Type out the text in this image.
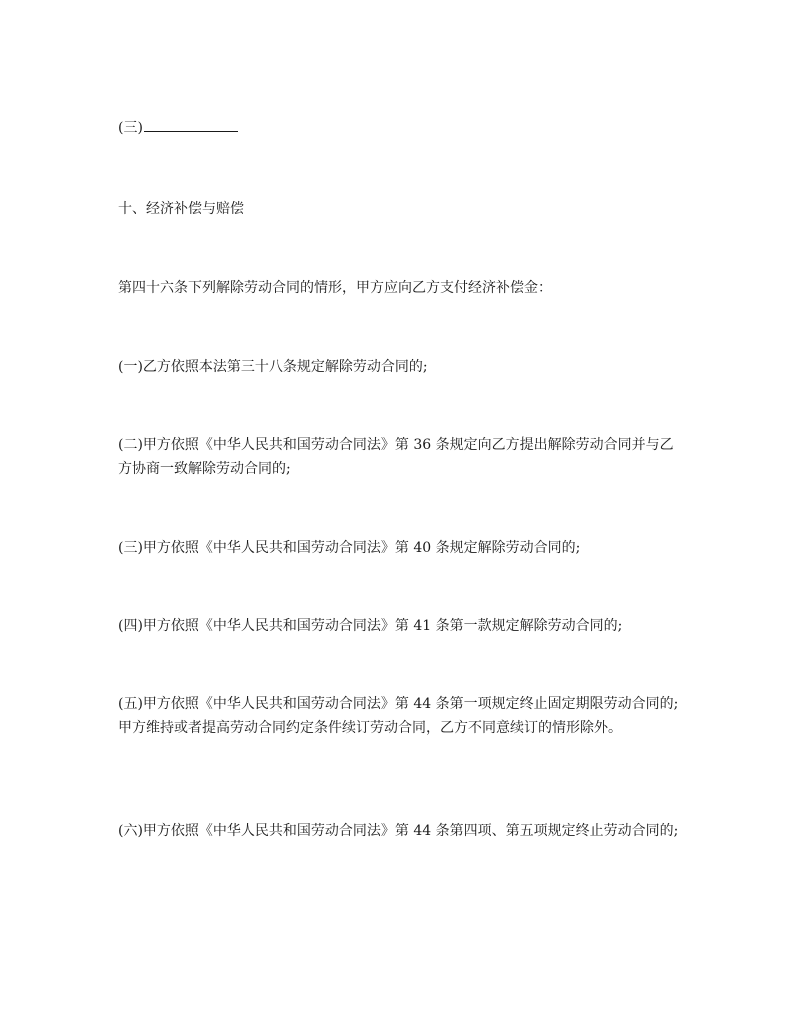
(三)

十、经济补偿与赔偿

第四十六条下列解除劳动合同的情形，甲方应向乙方支付经济补偿金：

(一)乙方依照本法第三十八条规定解除劳动合同的;

(二)甲方依照《中华人民共和国劳动合同法》第 36 条规定向乙方提出解除劳动合同并与乙方协商一致解除劳动合同的;

(三)甲方依照《中华人民共和国劳动合同法》第 40 条规定解除劳动合同的;

(四)甲方依照《中华人民共和国劳动合同法》第 41 条第一款规定解除劳动合同的;

(五)甲方依照《中华人民共和国劳动合同法》第 44 条第一项规定终止固定期限劳动合同的;甲方维持或者提高劳动合同约定条件续订劳动合同，乙方不同意续订的情形除外。

(六)甲方依照《中华人民共和国劳动合同法》第 44 条第四项、第五项规定终止劳动合同的;
